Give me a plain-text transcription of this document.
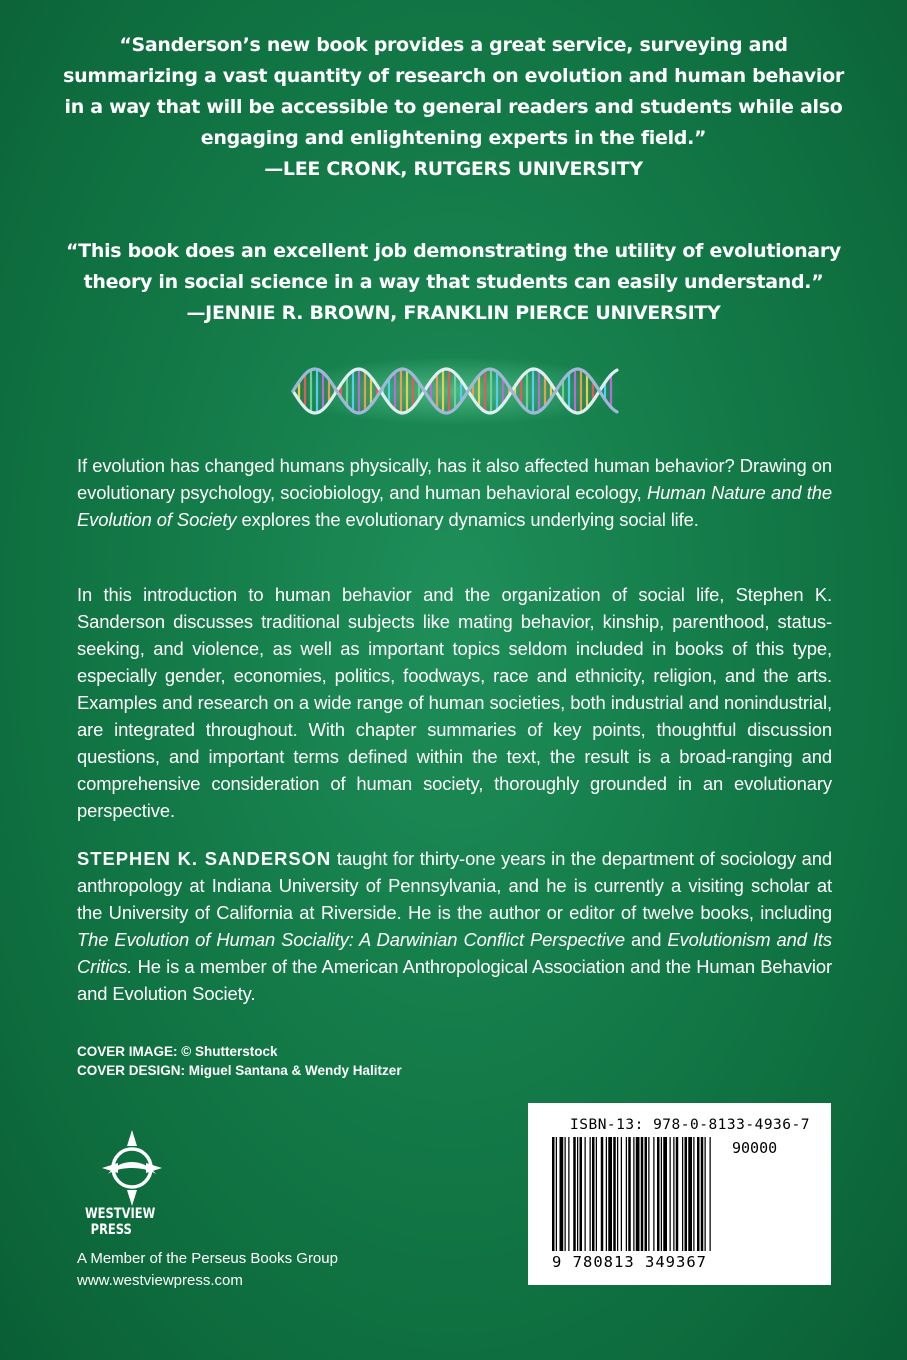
“Sanderson’s new book provides a great service, surveying and summarizing a vast quantity of research on evolution and human behavior in a way that will be accessible to general readers and students while also engaging and enlightening experts in the field.”
—LEE CRONK, RUTGERS UNIVERSITY
“This book does an excellent job demonstrating the utility of evolutionary theory in social science in a way that students can easily understand.”
—JENNIE R. BROWN, FRANKLIN PIERCE UNIVERSITY
If evolution has changed humans physically, has it also affected human behavior? Drawing on evolutionary psychology, sociobiology, and human behavioral ecology, Human Nature and the Evolution of Society explores the evolutionary dynamics underlying social life.
In this introduction to human behavior and the organization of social life, Stephen K. Sanderson discusses traditional subjects like mating behavior, kinship, parenthood, status-seeking, and violence, as well as important topics seldom included in books of this type, especially gender, economies, politics, foodways, race and ethnicity, religion, and the arts. Examples and research on a wide range of human societies, both industrial and nonindustrial, are integrated throughout. With chapter summaries of key points, thoughtful discussion questions, and important terms defined within the text, the result is a broad-ranging and comprehensive consideration of human society, thoroughly grounded in an evolutionary perspective.
STEPHEN K. SANDERSON taught for thirty-one years in the department of sociology and anthropology at Indiana University of Pennsylvania, and he is currently a visiting scholar at the University of California at Riverside. He is the author or editor of twelve books, including The Evolution of Human Sociality: A Darwinian Conflict Perspective and Evolutionism and Its Critics. He is a member of the American Anthropological Association and the Human Behavior and Evolution Society.
COVER IMAGE: © Shutterstock
COVER DESIGN: Miguel Santana & Wendy Halitzer
WESTVIEW
PRESS
A Member of the Perseus Books Group
www.westviewpress.com
ISBN-13: 978-0-8133-4936-7
90000
9 780813 349367
